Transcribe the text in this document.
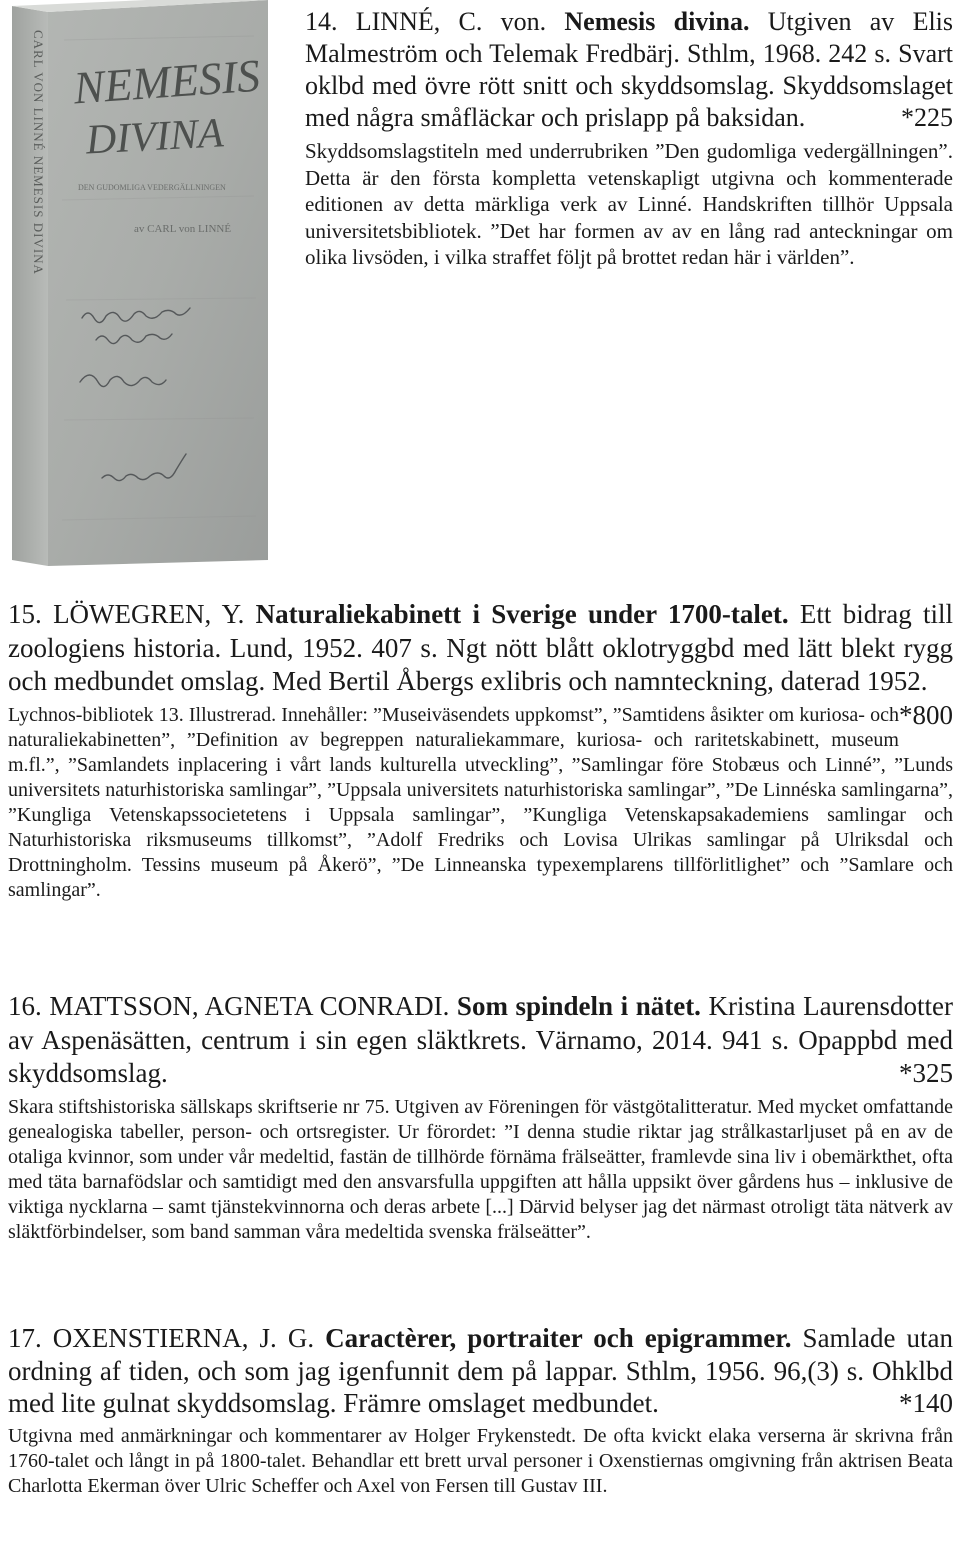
CARL VON LINNÉ NEMESIS DIVINA NEMESIS
DIVINA
DEN GUDOMLIGA VEDERGÄLLNINGEN
av CARL von LINNÉ

14. LINNÉ, C. von. Nemesis divina. Utgiven av Elis Malmeström och Telemak Fredbärj. Sthlm, 1968. 242 s. Svart oklbd med övre rött snitt och skyddsomslag. Skyddsomslaget med några småfläckar och prislapp på baksidan.	*225

Skyddsomslagstiteln med underrubriken ”Den gudomliga vedergällningen”. Detta är den första kompletta vetenskapligt utgivna och kommenterade editionen av detta märkliga verk av Linné. Handskriften tillhör Uppsala universitetsbibliotek. ”Det har formen av av en lång rad anteckningar om olika livsöden, i vilka straffet följt på brottet redan här i världen”.

15. LÖWEGREN, Y. Naturaliekabinett i Sverige under 1700-talet. Ett bidrag till zoologiens historia. Lund, 1952. 407 s. Ngt nött blått oklotryggbd med lätt blekt rygg och medbundet omslag. Med Bertil Åbergs exlibris och namnteckning, daterad 1952.
*800

Lychnos-bibliotek 13. Illustrerad. Innehåller: ”Museiväsendets uppkomst”, ”Samtidens åsikter om kuriosa- och naturaliekabinetten”, ”Definition av begreppen naturaliekammare, kuriosa- och raritetskabinett, museum m.fl.”, ”Samlandets inplacering i vårt lands kulturella utveckling”, ”Samlingar före Stobæus och Linné”, ”Lunds universitets naturhistoriska samlingar”, ”Uppsala universitets naturhistoriska samlingar”, ”De Linnéska samlingarna”, ”Kungliga Vetenskapssocietetens i Uppsala samlingar”, ”Kungliga Vetenskapsakademiens samlingar och Naturhistoriska riksmuseums tillkomst”, ”Adolf Fredriks och Lovisa Ulrikas samlingar på Ulriksdal och Drottningholm. Tessins museum på Åkerö”, ”De Linneanska typexemplarens tillförlitlighet” och ”Samlare och samlingar”.

16. MATTSSON, AGNETA CONRADI. Som spindeln i nätet. Kristina Laurensdotter av Aspenäsätten, centrum i sin egen släktkrets. Värnamo, 2014. 941 s. Opappbd med skyddsomslag.	*325

Skara stiftshistoriska sällskaps skriftserie nr 75. Utgiven av Föreningen för västgötalitteratur. Med mycket omfattande genealogiska tabeller, person- och ortsregister. Ur förordet: ”I denna studie riktar jag strålkastarljuset på en av de otaliga kvinnor, som under vår medeltid, fastän de tillhörde förnäma frälseätter, framlevde sina liv i obemärkthet, ofta med täta barnafödslar och samtidigt med den ansvarsfulla uppgiften att hålla uppsikt över gårdens hus – inklusive de viktiga nycklarna – samt tjänstekvinnorna och deras arbete [...] Därvid belyser jag det närmast otroligt täta nätverk av släktförbindelser, som band samman våra medeltida svenska frälseätter”.

17. OXENSTIERNA, J. G. Caractèrer, portraiter och epigrammer. Samlade utan ordning af tiden, och som jag igenfunnit dem på lappar. Sthlm, 1956. 96,(3) s. Ohklbd med lite gulnat skyddsomslag. Främre omslaget medbundet.	*140

Utgivna med anmärkningar och kommentarer av Holger Frykenstedt. De ofta kvickt elaka verserna är skrivna från 1760-talet och långt in på 1800-talet. Behandlar ett brett urval personer i Oxenstiernas omgivning från aktrisen Beata Charlotta Ekerman över Ulric Scheffer och Axel von Fersen till Gustav III.
